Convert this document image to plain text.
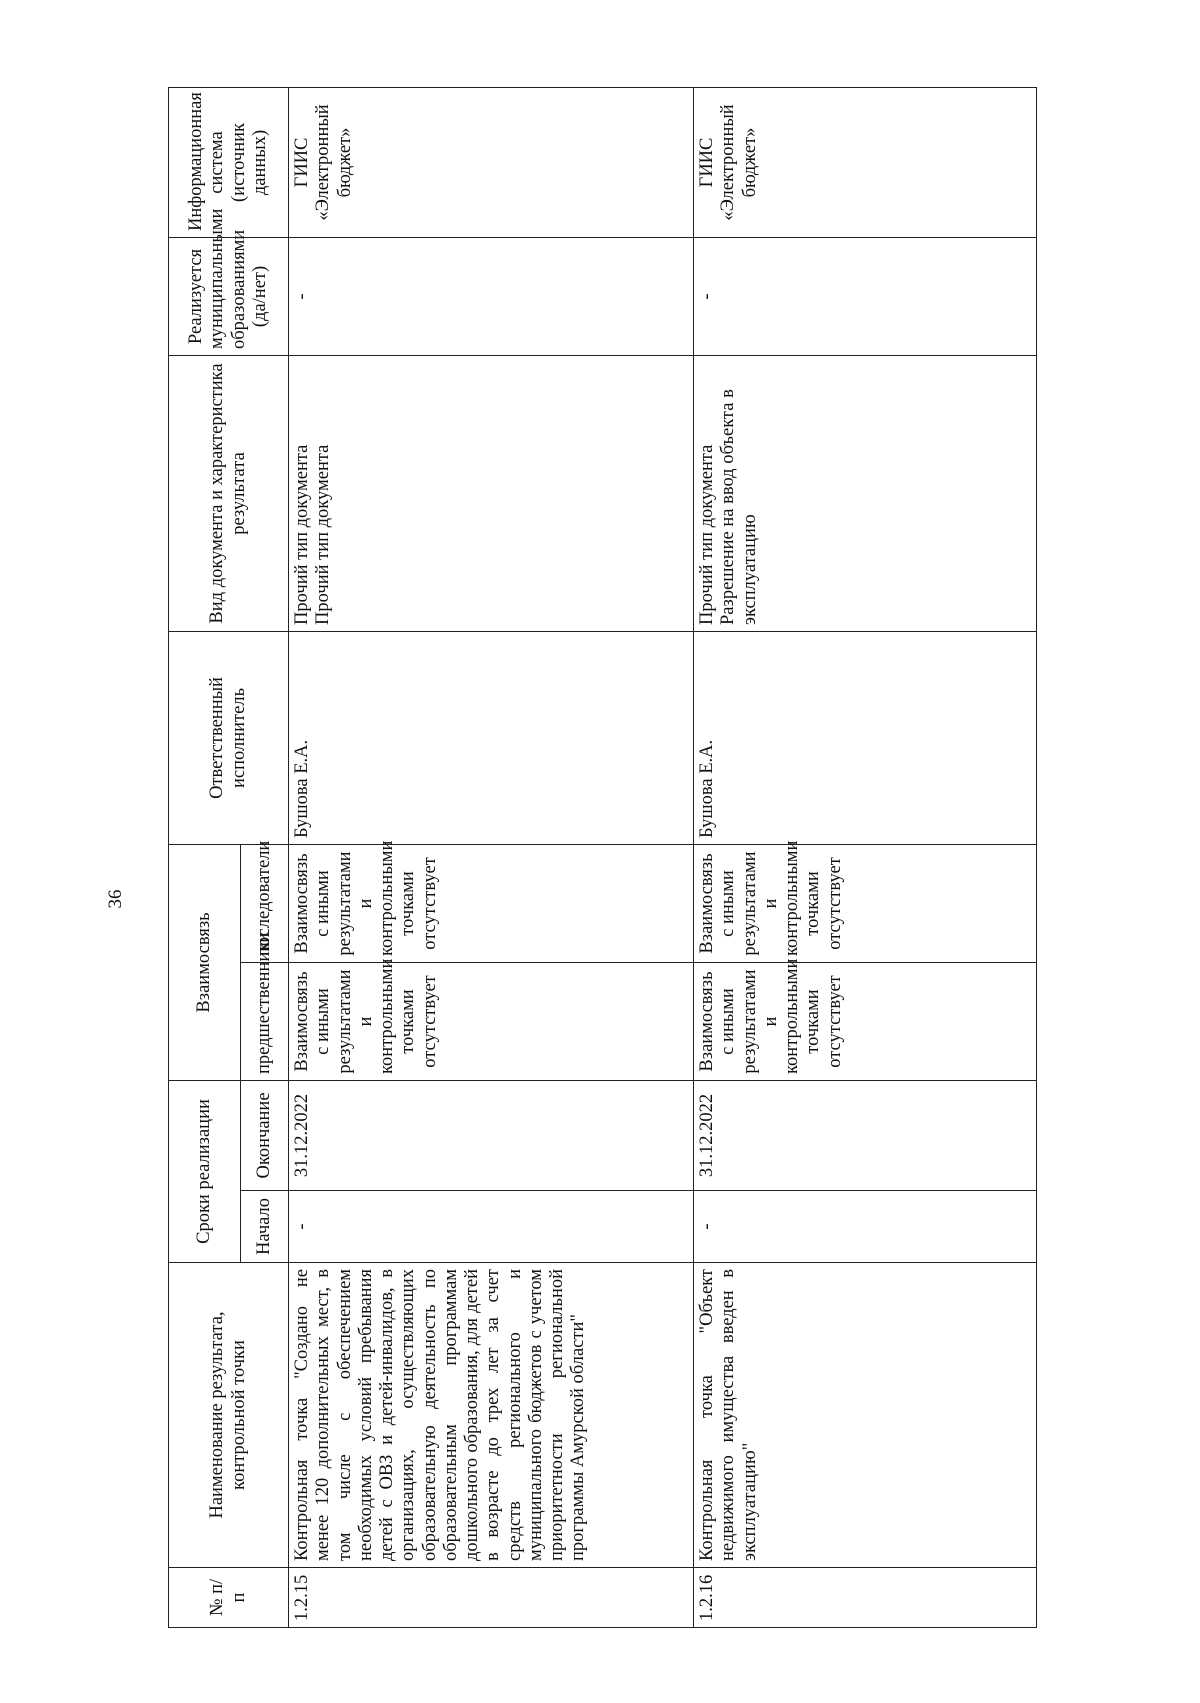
36
№ п/п	Наименование результата, контрольной точки	Сроки реализации		Взаимосвязь		Ответственный исполнитель	Вид документа и характеристика результата	Реализуется муниципальными образованиями (да/нет)	Информационная система (источник данных)
		Начало	Окончание	предшественники	последователи				
1.2.15	Контрольная точка "Создано не менее 120 дополнительных мест, в том числе с обеспечением необходимых условий пребывания детей с ОВЗ и детей-инвалидов, в организациях, осуществляющих образовательную деятельность по образовательным программам дошкольного образования, для детей в возрасте до трех лет за счет средств регионального и муниципального бюджетов с учетом приоритетности региональной программы Амурской области"	-	31.12.2022	Взаимосвязь с иными результатами и контрольными точками отсутствует	Взаимосвязь с иными результатами и контрольными точками отсутствует	Бушова Е.А.	Прочий тип документа Прочий тип документа	-	ГИИС «Электронный бюджет»
1.2.16	Контрольная точка "Объект недвижимого имущества введен в эксплуатацию"	-	31.12.2022	Взаимосвязь с иными результатами и контрольными точками отсутствует	Взаимосвязь с иными результатами и контрольными точками отсутствует	Бушова Е.А.	Прочий тип документа Разрешение на ввод объекта в эксплуатацию	-	ГИИС «Электронный бюджет»
